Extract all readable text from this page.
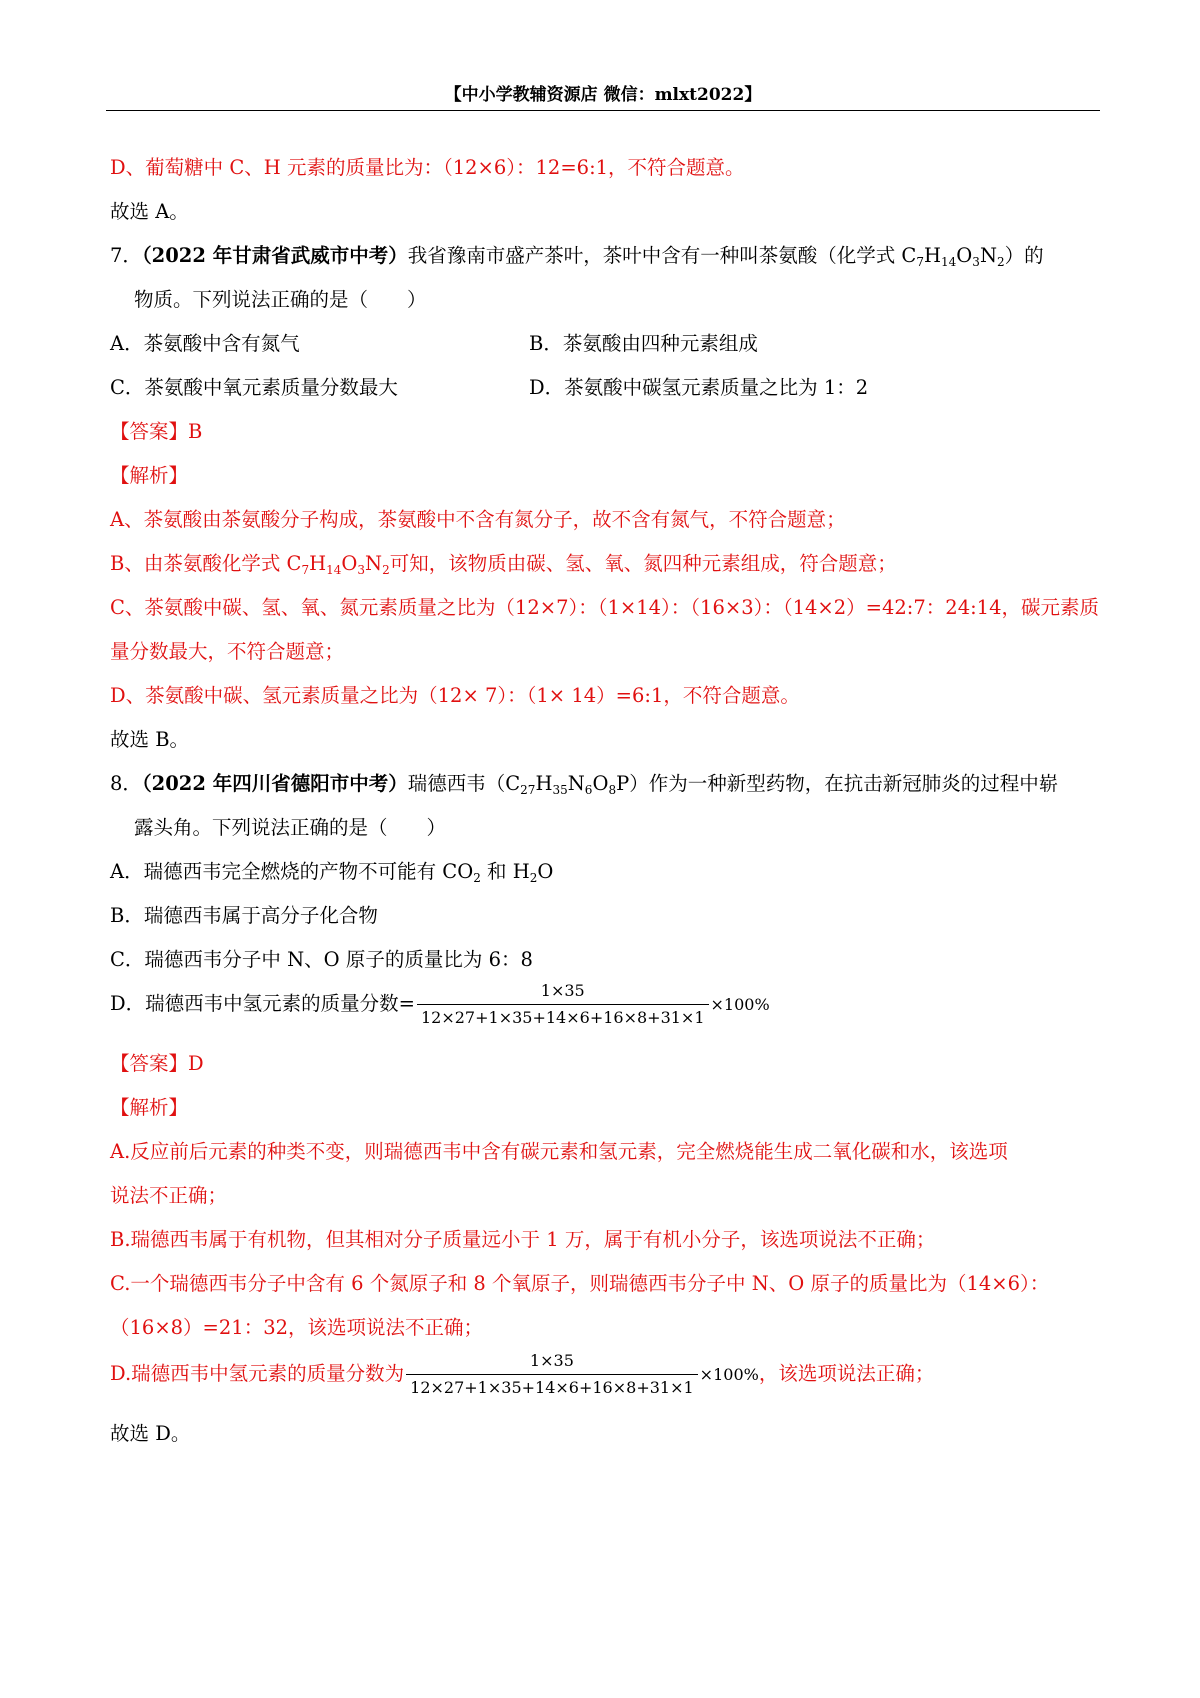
【中小学教辅资源店 微信：mlxt2022】
D、葡萄糖中 C、H 元素的质量比为：（12×6）：12=6:1，不符合题意。
故选 A。
7．（2022 年甘肃省武威市中考）我省豫南市盛产茶叶，茶叶中含有一种叫茶氨酸（化学式 $C_7H_{14}O_3N_2$）的
物质。下列说法正确的是（　　）
A．茶氨酸中含有氮气	B．茶氨酸由四种元素组成
C．茶氨酸中氧元素质量分数最大	D．茶氨酸中碳氢元素质量之比为 1：2
【答案】B
【解析】
A、茶氨酸由茶氨酸分子构成，茶氨酸中不含有氮分子，故不含有氮气，不符合题意；
B、由茶氨酸化学式 $C_7H_{14}O_3N_2$可知，该物质由碳、氢、氧、氮四种元素组成，符合题意；
C、茶氨酸中碳、氢、氧、氮元素质量之比为（12×7）：（1×14）：（16×3）：（14×2）=42:7：24:14，碳元素质
量分数最大，不符合题意；
D、茶氨酸中碳、氢元素质量之比为（12× 7）：（1× 14）=6:1，不符合题意。
故选 B。
8．（2022 年四川省德阳市中考）瑞德西韦$(C_{27}H_{35}N_6O_8P)$作为一种新型药物，在抗击新冠肺炎的过程中崭
露头角。下列说法正确的是（　　）
A．瑞德西韦完全燃烧的产物不可能有 $CO_2$ 和 $H_2O$
B．瑞德西韦属于高分子化合物
C．瑞德西韦分子中 N、O 原子的质量比为 6：8
D．瑞德西韦中氢元素的质量分数= $\frac{1\times 35}{12\times 27+1\times 35+14\times 6+16\times 8+31\times 1} \times 100\%$
【答案】D
【解析】
A.反应前后元素的种类不变，则瑞德西韦中含有碳元素和氢元素，完全燃烧能生成二氧化碳和水，该选项
说法不正确；
B.瑞德西韦属于有机物，但其相对分子质量远小于 1 万，属于有机小分子，该选项说法不正确；
C.一个瑞德西韦分子中含有 6 个氮原子和 8 个氧原子，则瑞德西韦分子中 N、O 原子的质量比为（14×6）：
（16×8）=21：32，该选项说法不正确；
D.瑞德西韦中氢元素的质量分数为 $\frac{1\times 35}{12\times 27+1\times 35+14\times 6+16\times 8+31\times 1} \times 100\%$，该选项说法正确；
故选 D。
